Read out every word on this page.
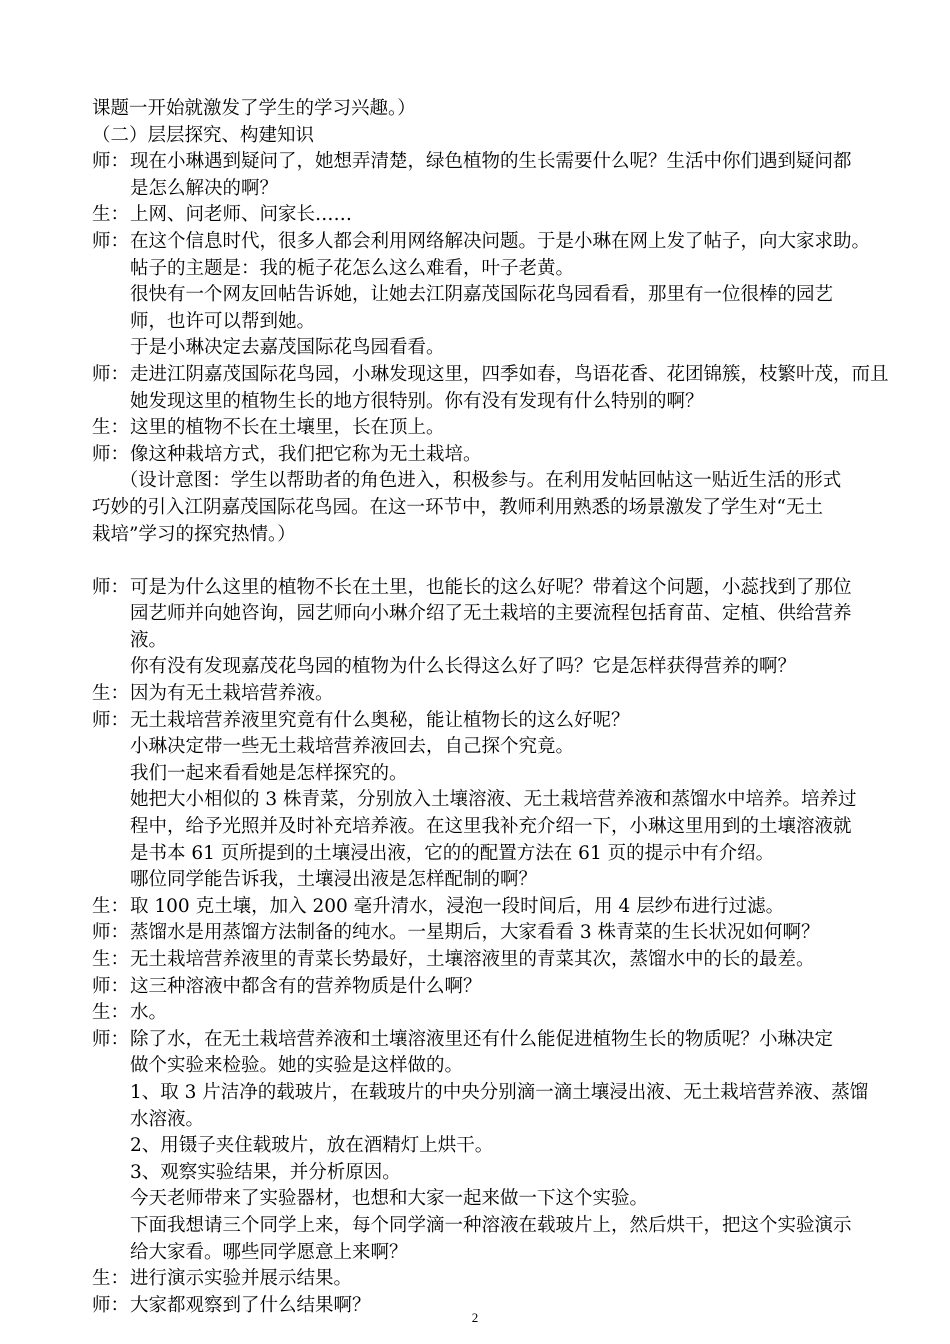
课题一开始就激发了学生的学习兴趣。）
（二）层层探究、构建知识
师：现在小琳遇到疑问了，她想弄清楚，绿色植物的生长需要什么呢？生活中你们遇到疑问都
是怎么解决的啊？
生：上网、问老师、问家长……
师：在这个信息时代，很多人都会利用网络解决问题。于是小琳在网上发了帖子，向大家求助。
帖子的主题是：我的栀子花怎么这么难看，叶子老黄。
很快有一个网友回帖告诉她，让她去江阴嘉茂国际花鸟园看看，那里有一位很棒的园艺
师，也许可以帮到她。
于是小琳决定去嘉茂国际花鸟园看看。
师：走进江阴嘉茂国际花鸟园，小琳发现这里，四季如春，鸟语花香、花团锦簇，枝繁叶茂，而且
她发现这里的植物生长的地方很特别。你有没有发现有什么特别的啊？
生：这里的植物不长在土壤里，长在顶上。
师：像这种栽培方式，我们把它称为无土栽培。
　　（设计意图：学生以帮助者的角色进入，积极参与。在利用发帖回帖这一贴近生活的形式
巧妙的引入江阴嘉茂国际花鸟园。在这一环节中，教师利用熟悉的场景激发了学生对“无土
栽培”学习的探究热情。）
师：可是为什么这里的植物不长在土里，也能长的这么好呢？带着这个问题，小蕊找到了那位
园艺师并向她咨询，园艺师向小琳介绍了无土栽培的主要流程包括育苗、定植、供给营养
液。
你有没有发现嘉茂花鸟园的植物为什么长得这么好了吗？它是怎样获得营养的啊？
生：因为有无土栽培营养液。
师：无土栽培营养液里究竟有什么奥秘，能让植物长的这么好呢？
小琳决定带一些无土栽培营养液回去，自己探个究竟。
我们一起来看看她是怎样探究的。
她把大小相似的 3 株青菜，分别放入土壤溶液、无土栽培营养液和蒸馏水中培养。培养过
程中，给予光照并及时补充培养液。在这里我补充介绍一下，小琳这里用到的土壤溶液就
是书本 61 页所提到的土壤浸出液，它的的配置方法在 61 页的提示中有介绍。
哪位同学能告诉我，土壤浸出液是怎样配制的啊？
生：取 100 克土壤，加入 200 毫升清水，浸泡一段时间后，用 4 层纱布进行过滤。
师：蒸馏水是用蒸馏方法制备的纯水。一星期后，大家看看 3 株青菜的生长状况如何啊？
生：无土栽培营养液里的青菜长势最好，土壤溶液里的青菜其次，蒸馏水中的长的最差。
师：这三种溶液中都含有的营养物质是什么啊？
生：水。
师：除了水，在无土栽培营养液和土壤溶液里还有什么能促进植物生长的物质呢？小琳决定
做个实验来检验。她的实验是这样做的。
1、取 3 片洁净的载玻片，在载玻片的中央分别滴一滴土壤浸出液、无土栽培营养液、蒸馏
水溶液。
2、用镊子夹住载玻片，放在酒精灯上烘干。
3、观察实验结果，并分析原因。
今天老师带来了实验器材，也想和大家一起来做一下这个实验。
下面我想请三个同学上来，每个同学滴一种溶液在载玻片上，然后烘干，把这个实验演示
给大家看。哪些同学愿意上来啊？
生：进行演示实验并展示结果。
师：大家都观察到了什么结果啊？
2
